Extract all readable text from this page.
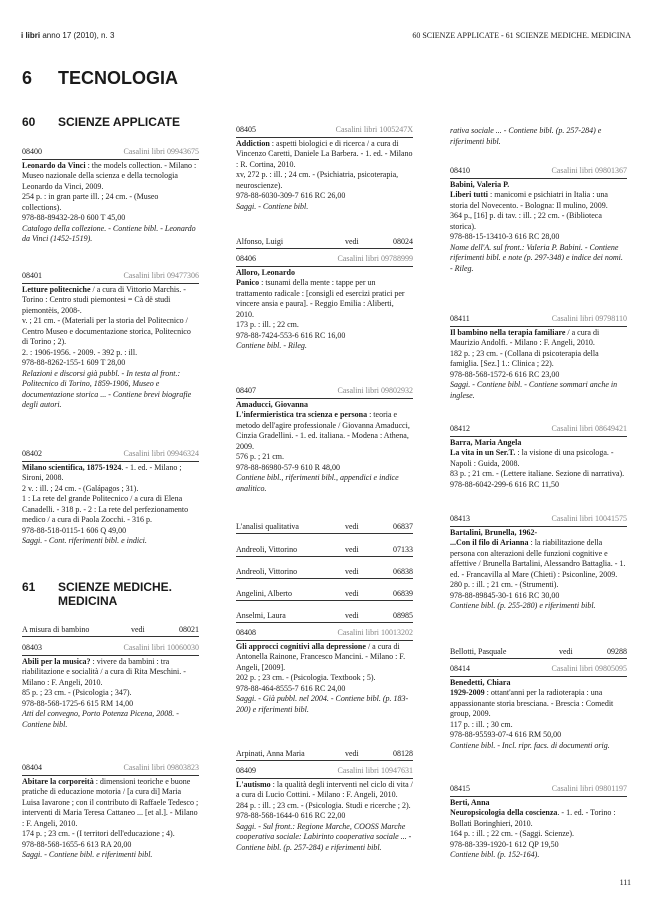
i libri anno 17 (2010), n. 3	60 SCIENZE APPLICATE - 61 SCIENZE MEDICHE. MEDICINA
6 TECNOLOGIA
60 SCIENZE APPLICATE
08400	Casalini libri 09943675
Leonardo da Vinci : the models collection. - Milano : Museo nazionale della scienza e della tecnologia Leonardo da Vinci, 2009.
254 p. : in gran parte ill. ; 24 cm. - (Museo collections).
978-88-89432-28-0 600 T 45,00
Catalogo della collezione. - Contiene bibl. - Leonardo da Vinci (1452-1519).
08401	Casalini libri 09477306
Letture politecniche / a cura di Vittorio Marchis. - Torino : Centro studi piemontesi = Cà dë studi piemontèis, 2008-.
v. ; 21 cm. - (Materiali per la storia del Politecnico / Centro Museo e documentazione storica, Politecnico di Torino ; 2).
2. : 1906-1956. - 2009. - 392 p. : ill.
978-88-8262-155-1 609 T 28,00
Relazioni e discorsi già pubbl. - In testa al front.: Politecnico di Torino, 1859-1906, Museo e documentazione storica ... - Contiene brevi biografie degli autori.
08402	Casalini libri 09946324
Milano scientifica, 1875-1924. - 1. ed. - Milano ; Sironi, 2008.
2 v. : ill. ; 24 cm. - (Galápagos ; 31).
1 : La rete del grande Politecnico / a cura di Elena Canadelli. - 318 p. - 2 : La rete del perfezionamento medico / a cura di Paola Zocchi. - 316 p.
978-88-518-0115-1 606 Q 49,00
Saggi. - Cont. riferimenti bibl. e indici.
61 SCIENZE MEDICHE.
MEDICINA
A misura di bambino	vedi	08021
08403	Casalini libri 10060030
Abili per la musica? : vivere da bambini : tra riabilitazione e socialità / a cura di Rita Meschini. - Milano : F. Angeli, 2010.
85 p. ; 23 cm. - (Psicologia ; 347).
978-88-568-1725-6 615 RM 14,00
Atti del convegno, Porto Potenza Picena, 2008. - Contiene bibl.
08404	Casalini libri 09803823
Abitare la corporeità : dimensioni teoriche e buone pratiche di educazione motoria / [a cura di] Maria Luisa Iavarone ; con il contributo di Raffaele Tedesco ; interventi di Maria Teresa Cattaneo ... [et al.]. - Milano : F. Angeli, 2010.
174 p. ; 23 cm. - (I territori dell'educazione ; 4).
978-88-568-1655-6 613 RA 20,00
Saggi. - Contiene bibl. e riferimenti bibl.
08405	Casalini libri 1005247X
Addiction : aspetti biologici e di ricerca / a cura di Vincenzo Caretti, Daniele La Barbera. - 1. ed. - Milano : R. Cortina, 2010.
xv, 272 p. : ill. ; 24 cm. - (Psichiatria, psicoterapia, neuroscienze).
978-88-6030-309-7 616 RC 26,00
Saggi. - Contiene bibl.
Alfonso, Luigi	vedi	08024
08406	Casalini libri 09788999
Alloro, Leonardo
Panico : tsunami della mente : tappe per un trattamento radicale : [consigli ed esercizi pratici per vincere ansia e paura]. - Reggio Emilia : Aliberti, 2010.
173 p. : ill. ; 22 cm.
978-88-7424-553-6 616 RC 16,00
Contiene bibl. - Rileg.
08407	Casalini libri 09802932
Amaducci, Giovanna
L'infermieristica tra scienza e persona : teoria e metodo dell'agire professionale / Giovanna Amaducci, Cinzia Gradellini. - 1. ed. italiana. - Modena : Athena, 2009.
576 p. ; 21 cm.
978-88-86980-57-9 610 R 48,00
Contiene bibl., riferimenti bibl., appendici e indice analitico.
L'analisi qualitativa	vedi	06837
Andreoli, Vittorino	vedi	07133
Andreoli, Vittorino	vedi	06838
Angelini, Alberto	vedi	06839
Anselmi, Laura	vedi	08985
08408	Casalini libri 10013202
Gli approcci cognitivi alla depressione / a cura di Antonella Rainone, Francesco Mancini. - Milano : F. Angeli, [2009].
202 p. ; 23 cm. - (Psicologia. Textbook ; 5).
978-88-464-8555-7 616 RC 24,00
Saggi. - Già pubbl. nel 2004. - Contiene bibl. (p. 183-200) e riferimenti bibl.
Arpinati, Anna Maria	vedi	08128
08409	Casalini libri 10947631
L'autismo : la qualità degli interventi nel ciclo di vita / a cura di Lucio Cottini. - Milano : F. Angeli, 2010.
284 p. : ill. ; 23 cm. - (Psicologia. Studi e ricerche ; 2).
978-88-568-1644-0 616 RC 22,00
Saggi. - Sul front.: Regione Marche, COOSS Marche cooperativa sociale: Labirinto cooperativa sociale ... - Contiene bibl. (p. 257-284) e riferimenti bibl.
rativa sociale ... - Contiene bibl. (p. 257-284) e riferimenti bibl.
08410	Casalini libri 09801367
Babini, Valeria P.
Liberi tutti : manicomi e psichiatri in Italia : una storia del Novecento. - Bologna: Il mulino, 2009.
364 p., [16] p. di tav. : ill. ; 22 cm. - (Biblioteca storica).
978-88-15-13410-3 616 RC 28,00
Nome dell'A. sul front.: Valeria P. Babini. - Contiene riferimenti bibl. e note (p. 297-348) e indice dei nomi. - Rileg.
08411	Casalini libri 09798110
Il bambino nella terapia familiare / a cura di Maurizio Andolfi. - Milano : F. Angeli, 2010.
182 p. ; 23 cm. - (Collana di psicoterapia della famiglia. [Sez.] 1.: Clinica ; 22).
978-88-568-1572-6 616 RC 23,00
Saggi. - Contiene bibl. - Contiene sommari anche in inglese.
08412	Casalini libri 08649421
Barra, Maria Angela
La vita in un Ser.T. : la visione di una psicologa. - Napoli : Guida, 2008.
83 p. ; 21 cm. - (Lettere italiane. Sezione di narrativa).
978-88-6042-299-6 616 RC 11,50
08413	Casalini libri 10041575
Bartalini, Brunella, 1962-
...Con il filo di Arianna : la riabilitazione della persona con alterazioni delle funzioni cognitive e affettive / Brunella Bartalini, Alessandro Battaglia. - 1. ed. - Francavilla al Mare (Chieti) : Psiconline, 2009.
280 p. : ill. ; 21 cm. - (Strumenti).
978-88-89845-30-1 616 RC 30,00
Contiene bibl. (p. 255-280) e riferimenti bibl.
Bellotti, Pasquale	vedi	09288
08414	Casalini libri 09805095
Benedetti, Chiara
1929-2009 : ottant'anni per la radioterapia : una appassionante storia bresciana. - Brescia : Comedit group, 2009.
117 p. : ill. ; 30 cm.
978-88-95593-07-4 616 RM 50,00
Contiene bibl. - Incl. ripr. facs. di documenti orig.
08415	Casalini libri 09801197
Berti, Anna
Neuropsicologia della coscienza. - 1. ed. - Torino : Bollati Boringhieri, 2010.
164 p. : ill. ; 22 cm. - (Saggi. Scienze).
978-88-339-1920-1 612 QP 19,50
Contiene bibl. (p. 152-164).
111
